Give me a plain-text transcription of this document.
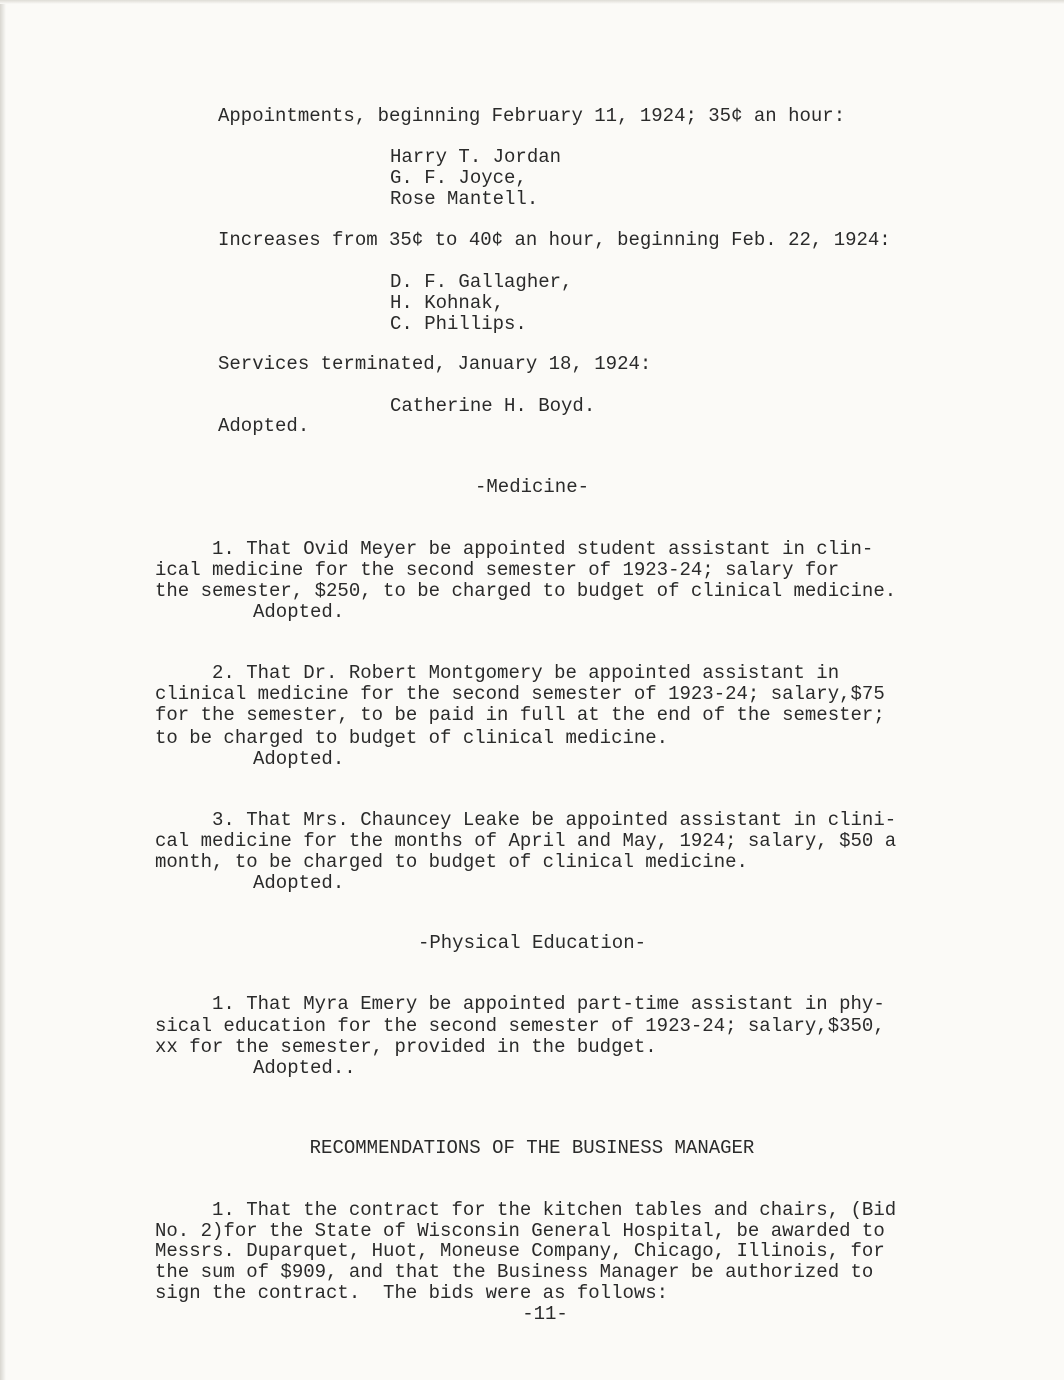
Appointments, beginning February 11, 1924; 35¢ an hour:

Harry T. Jordan

G. F. Joyce,

Rose Mantell.

Increases from 35¢ to 40¢ an hour, beginning Feb. 22, 1924:

D. F. Gallagher,

H. Kohnak,

C. Phillips.

Services terminated, January 18, 1924:

Catherine H. Boyd.

Adopted.

-Medicine-

1. That Ovid Meyer be appointed student assistant in clin-

ical medicine for the second semester of 1923-24; salary for

the semester, $250, to be charged to budget of clinical medicine.

Adopted.

2. That Dr. Robert Montgomery be appointed assistant in

clinical medicine for the second semester of 1923-24; salary,$75

for the semester, to be paid in full at the end of the semester;

to be charged to budget of clinical medicine.

Adopted.

3. That Mrs. Chauncey Leake be appointed assistant in clini-

cal medicine for the months of April and May, 1924; salary, $50 a

month, to be charged to budget of clinical medicine.

Adopted.

-Physical Education-

1. That Myra Emery be appointed part-time assistant in phy-

sical education for the second semester of 1923-24; salary,$350,

xx for the semester, provided in the budget.

Adopted..

RECOMMENDATIONS OF THE BUSINESS MANAGER

1. That the contract for the kitchen tables and chairs, (Bid

No. 2)for the State of Wisconsin General Hospital, be awarded to

Messrs. Duparquet, Huot, Moneuse Company, Chicago, Illinois, for

the sum of $909, and that the Business Manager be authorized to

sign the contract.  The bids were as follows:

-11-
